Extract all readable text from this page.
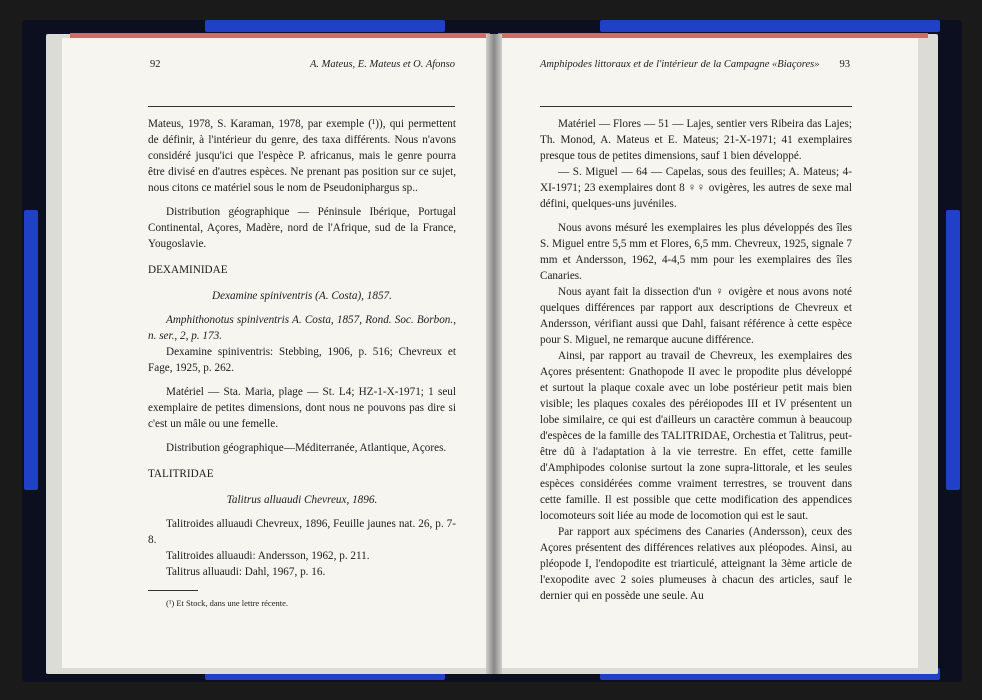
92	A. Mateus, E. Mateus et O. Afonso	Amphipodes littoraux et de l'intérieur de la Campagne «Biaçores» 93

Mateus, 1978, S. Karaman, 1978, par exemple (¹)), qui permettent de définir, à l'intérieur du genre, des taxa différents. Nous n'avons considéré jusqu'ici que l'espèce P. africanus, mais le genre pourra être divisé en d'autres espèces. Ne prenant pas position sur ce sujet, nous citons ce matériel sous le nom de Pseudoniphargus sp..

Distribution géographique — Péninsule Ibérique, Portugal Continental, Açores, Madère, nord de l'Afrique, sud de la France, Yougoslavie.

DEXAMINIDAE

Dexamine spiniventris (A. Costa), 1857.

Amphithonotus spiniventris A. Costa, 1857, Rond. Soc. Borbon., n. ser., 2, p. 173.

Dexamine spiniventris: Stebbing, 1906, p. 516; Chevreux et Fage, 1925, p. 262.

Matériel — Sta. Maria, plage — St. L4; HZ-1-X-1971; 1 seul exemplaire de petites dimensions, dont nous ne pouvons pas dire si c'est un mâle ou une femelle.

Distribution géographique—Méditerranée, Atlantique, Açores.

TALITRIDAE

Talitrus alluaudi Chevreux, 1896.

Talitroides alluaudi Chevreux, 1896, Feuille jaunes nat. 26, p. 7-8.

Talitroides alluaudi: Andersson, 1962, p. 211.

Talitrus alluaudi: Dahl, 1967, p. 16.

(¹) Et Stock, dans une lettre récente.

Matériel — Flores — 51 — Lajes, sentier vers Ribeira das Lajes; Th. Monod, A. Mateus et E. Mateus; 21-X-1971; 41 exemplaires presque tous de petites dimensions, sauf 1 bien développé.

— S. Miguel — 64 — Capelas, sous des feuilles; A. Mateus; 4-XI-1971; 23 exemplaires dont 8 ♀♀ ovigères, les autres de sexe mal défini, quelques-uns juvéniles.

Nous avons mésuré les exemplaires les plus développés des îles S. Miguel entre 5,5 mm et Flores, 6,5 mm. Chevreux, 1925, signale 7 mm et Andersson, 1962, 4-4,5 mm pour les exemplaires des îles Canaries.

Nous ayant fait la dissection d'un ♀ ovigère et nous avons noté quelques différences par rapport aux descriptions de Chevreux et Andersson, vérifiant aussi que Dahl, faisant référence à cette espèce pour S. Miguel, ne remarque aucune différence.

Ainsi, par rapport au travail de Chevreux, les exemplaires des Açores présentent: Gnathopode II avec le propodite plus développé et surtout la plaque coxale avec un lobe postérieur petit mais bien visible; les plaques coxales des péréiopodes III et IV présentent un lobe similaire, ce qui est d'ailleurs un caractère commun à beaucoup d'espèces de la famille des TALITRIDAE, Orchestia et Talitrus, peut-être dû à l'adaptation à la vie terrestre. En effet, cette famille d'Amphipodes colonise surtout la zone supra-littorale, et les seules espèces considérées comme vraiment terrestres, se trouvent dans cette famille. Il est possible que cette modification des appendices locomoteurs soit liée au mode de locomotion qui est le saut.

Par rapport aux spécimens des Canaries (Andersson), ceux des Açores présentent des différences relatives aux pléopodes. Ainsi, au pléopode I, l'endopodite est triarticulé, atteignant la 3ème article de l'exopodite avec 2 soies plumeuses à chacun des articles, sauf le dernier qui en possède une seule. Au
